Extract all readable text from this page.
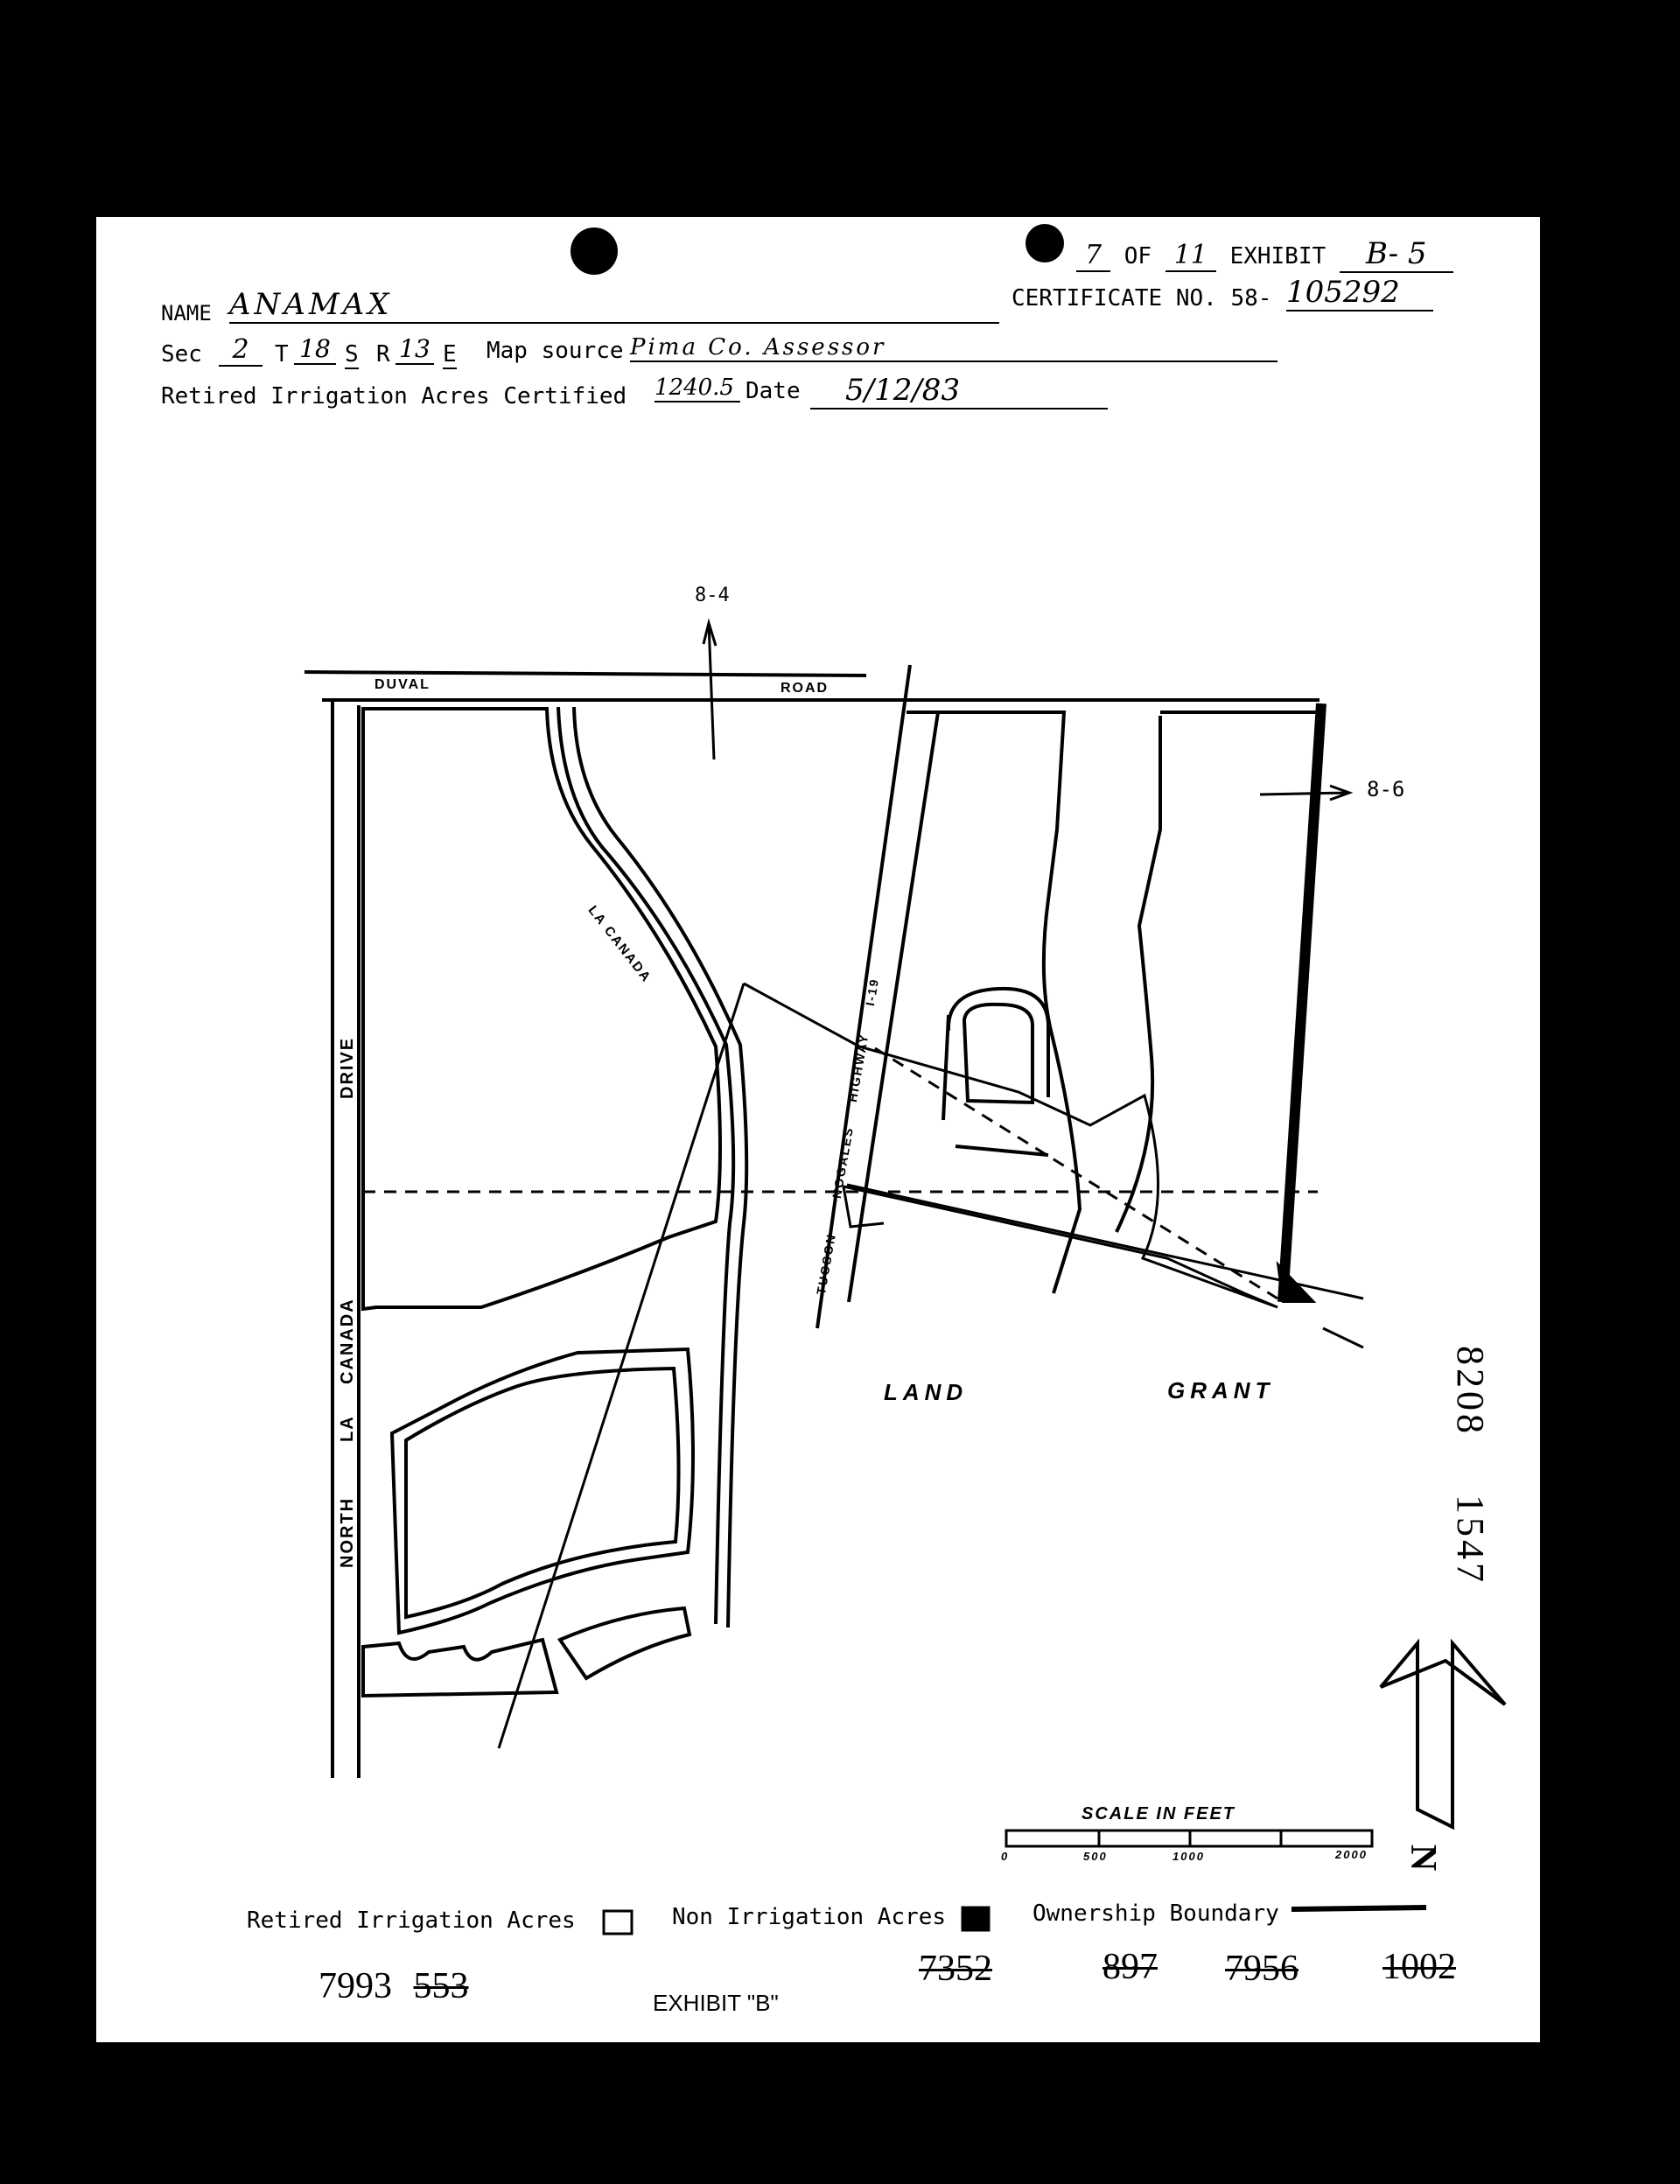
7 OF 11 EXHIBIT B- 5
NAME ANAMAX	CERTIFICATE NO. 58- 105292
Sec	2	T 18 S R 13 E Map source Pima Co. Assessor
Retired Irrigation Acres Certified 1240.5 Date	5/12/83
8-4
8-6
DUVAL	ROAD
LA CANADA
TUCSON
NOGALES
HIGHWAY
I-19
NORTH
LA
CANADA
DRIVE
LAND	GRANT	8208
1547
N
SCALE IN FEET
0	500	1000	2000
Retired Irrigation Acres	Non Irrigation Acres	Ownership Boundary
7993 553	EXHIBIT "B"
7352	897 7956 1002
